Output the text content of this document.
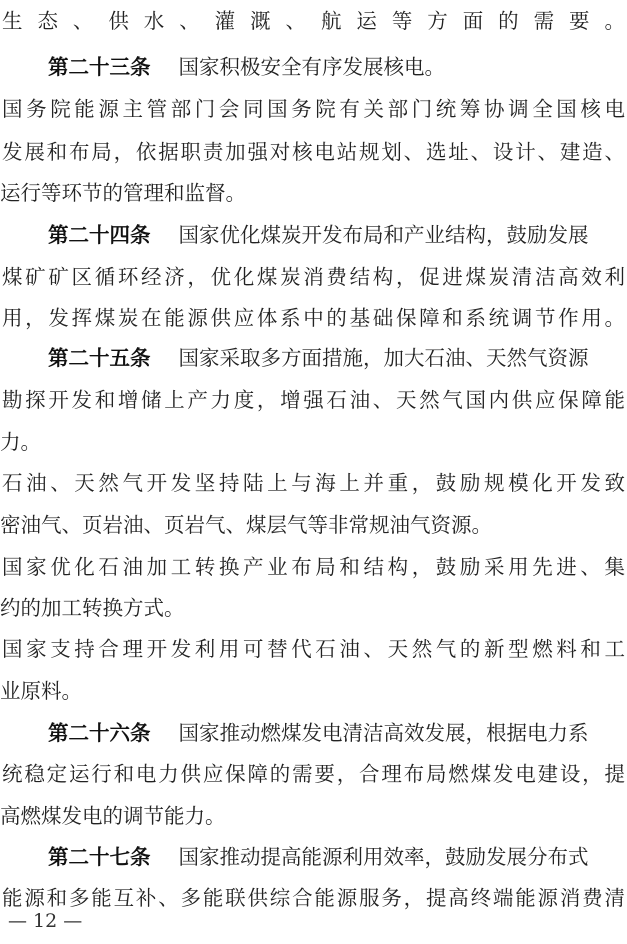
生态、供水、灌溉、航运等方面的需要。
第二十三条 国家积极安全有序发展核电。
国务院能源主管部门会同国务院有关部门统筹协调全国核电
发展和布局，依据职责加强对核电站规划、选址、设计、建造、
运行等环节的管理和监督。
第二十四条 国家优化煤炭开发布局和产业结构，鼓励发展
煤矿矿区循环经济，优化煤炭消费结构，促进煤炭清洁高效利
用，发挥煤炭在能源供应体系中的基础保障和系统调节作用。
第二十五条 国家采取多方面措施，加大石油、天然气资源
勘探开发和增储上产力度，增强石油、天然气国内供应保障能
力。
石油、天然气开发坚持陆上与海上并重，鼓励规模化开发致
密油气、页岩油、页岩气、煤层气等非常规油气资源。
国家优化石油加工转换产业布局和结构，鼓励采用先进、集
约的加工转换方式。
国家支持合理开发利用可替代石油、天然气的新型燃料和工
业原料。
第二十六条 国家推动燃煤发电清洁高效发展，根据电力系
统稳定运行和电力供应保障的需要，合理布局燃煤发电建设，提
高燃煤发电的调节能力。
第二十七条 国家推动提高能源利用效率，鼓励发展分布式
能源和多能互补、多能联供综合能源服务，提高终端能源消费清
— 12 —
